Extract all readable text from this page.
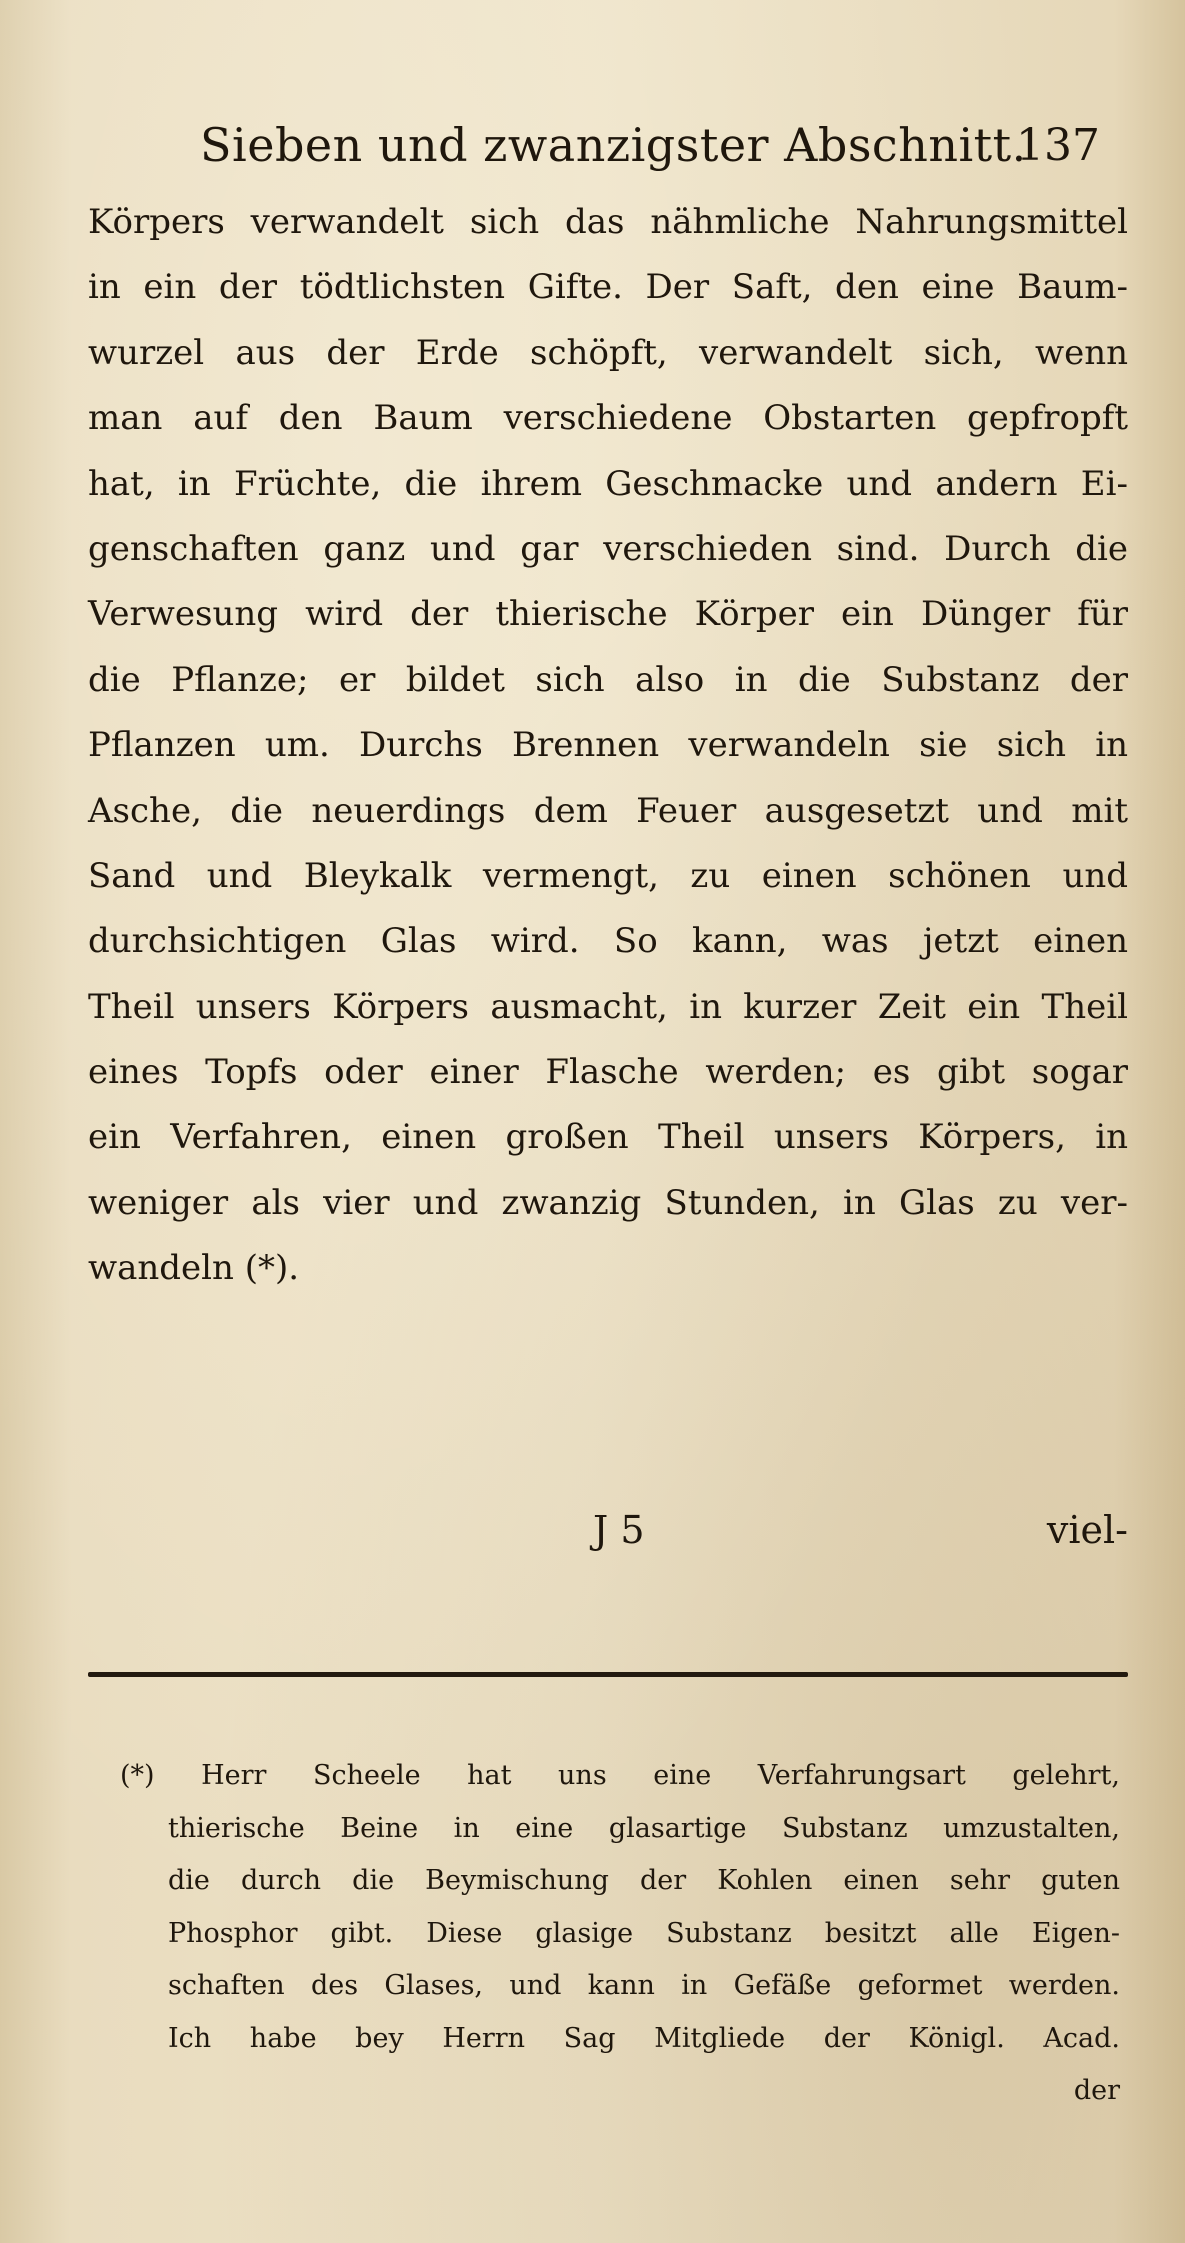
Sieben und zwanzigster Abschnitt.
137
Körpers verwandelt sich das nähmliche Nahrungsmittel
in ein der tödtlichsten Gifte. Der Saft, den eine Baum-
wurzel aus der Erde schöpft, verwandelt sich, wenn
man auf den Baum verschiedene Obstarten gepfropft
hat, in Früchte, die ihrem Geschmacke und andern Ei-
genschaften ganz und gar verschieden sind. Durch die
Verwesung wird der thierische Körper ein Dünger für
die Pflanze; er bildet sich also in die Substanz der
Pflanzen um. Durchs Brennen verwandeln sie sich in
Asche, die neuerdings dem Feuer ausgesetzt und mit
Sand und Bleykalk vermengt, zu einen schönen und
durchsichtigen Glas wird. So kann, was jetzt einen
Theil unsers Körpers ausmacht, in kurzer Zeit ein Theil
eines Topfs oder einer Flasche werden; es gibt sogar
ein Verfahren, einen großen Theil unsers Körpers, in
weniger als vier und zwanzig Stunden, in Glas zu ver-
wandeln (*).
J 5	viel-
(*) Herr Scheele hat uns eine Verfahrungsart gelehrt,
thierische Beine in eine glasartige Substanz umzustalten,
die durch die Beymischung der Kohlen einen sehr guten
Phosphor gibt. Diese glasige Substanz besitzt alle Eigen-
schaften des Glases, und kann in Gefäße geformet werden.
Ich habe bey Herrn Sag Mitgliede der Königl. Acad.
der
